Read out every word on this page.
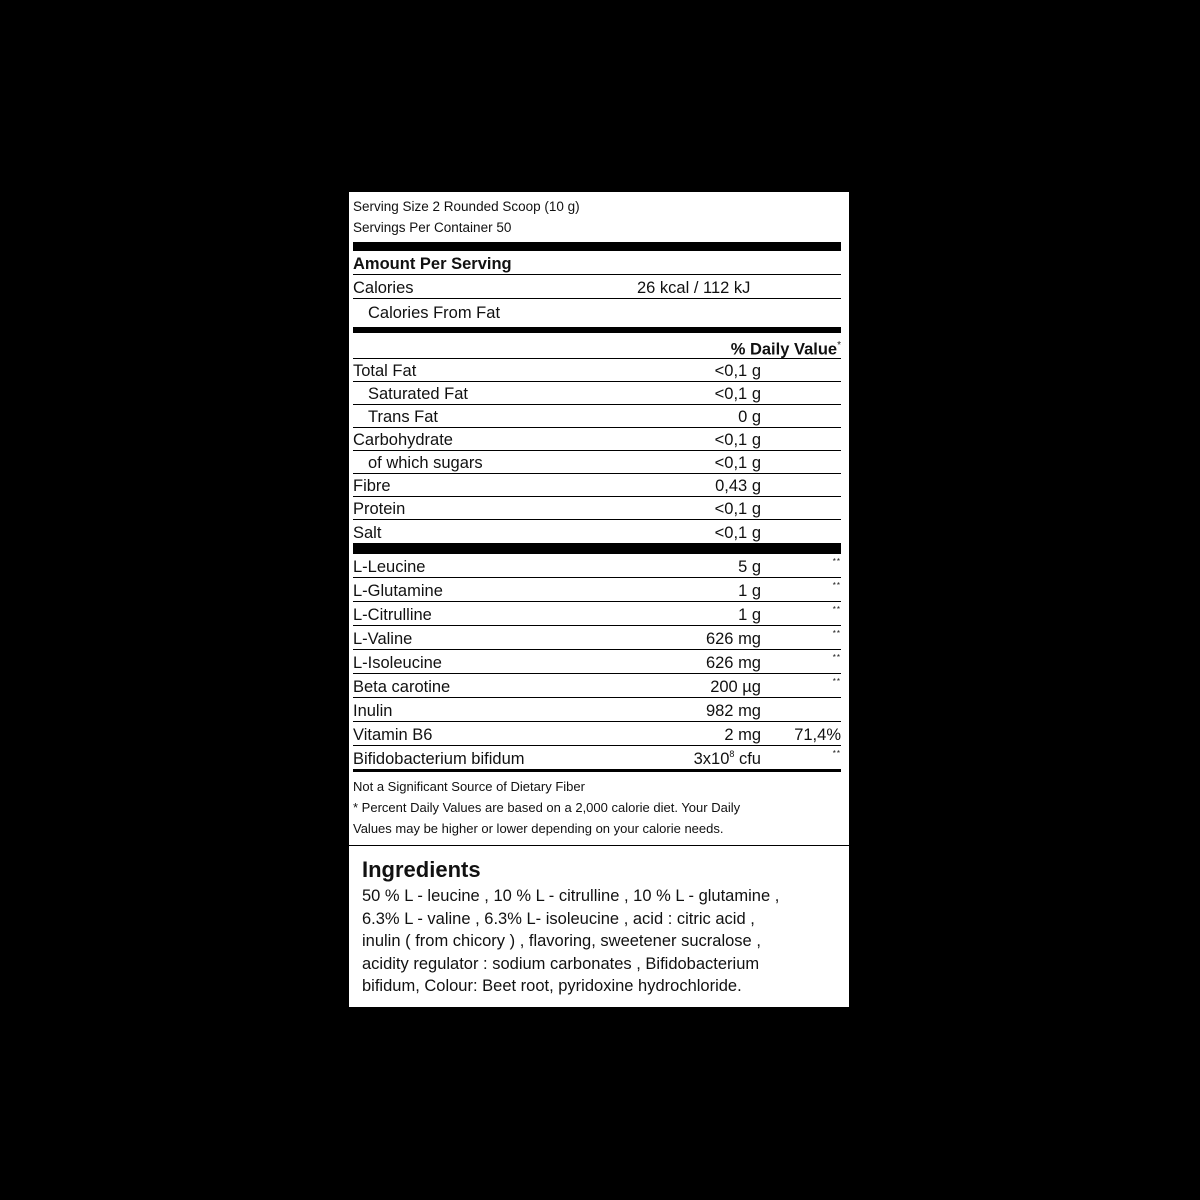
Serving Size 2 Rounded Scoop (10 g)
Servings Per Container 50
Amount Per Serving
Calories	26 kcal / 112 kJ
Calories From Fat
% Daily Value*
Total Fat	<0,1 g
Saturated Fat	<0,1 g
Trans Fat	0 g
Carbohydrate	<0,1 g
of which sugars	<0,1 g
Fibre	0,43 g
Protein	<0,1 g
Salt	<0,1 g
L-Leucine	5 g	**
L-Glutamine	1 g	**
L-Citrulline	1 g	**
L-Valine	626 mg	**
L-Isoleucine	626 mg	**
Beta carotine	200 µg	**
Inulin	982 mg
Vitamin B6	2 mg	71,4%
Bifidobacterium bifidum	$3x10^8$ cfu	**
Not a Significant Source of Dietary Fiber
* Percent Daily Values are based on a 2,000 calorie diet. Your Daily
Values may be higher or lower depending on your calorie needs.
Ingredients
50 % L - leucine , 10 % L - citrulline , 10 % L - glutamine ,
6.3% L - valine , 6.3% L- isoleucine , acid : citric acid ,
inulin ( from chicory ) , flavoring, sweetener sucralose ,
acidity regulator : sodium carbonates , Bifidobacterium
bifidum, Colour: Beet root, pyridoxine hydrochloride.
